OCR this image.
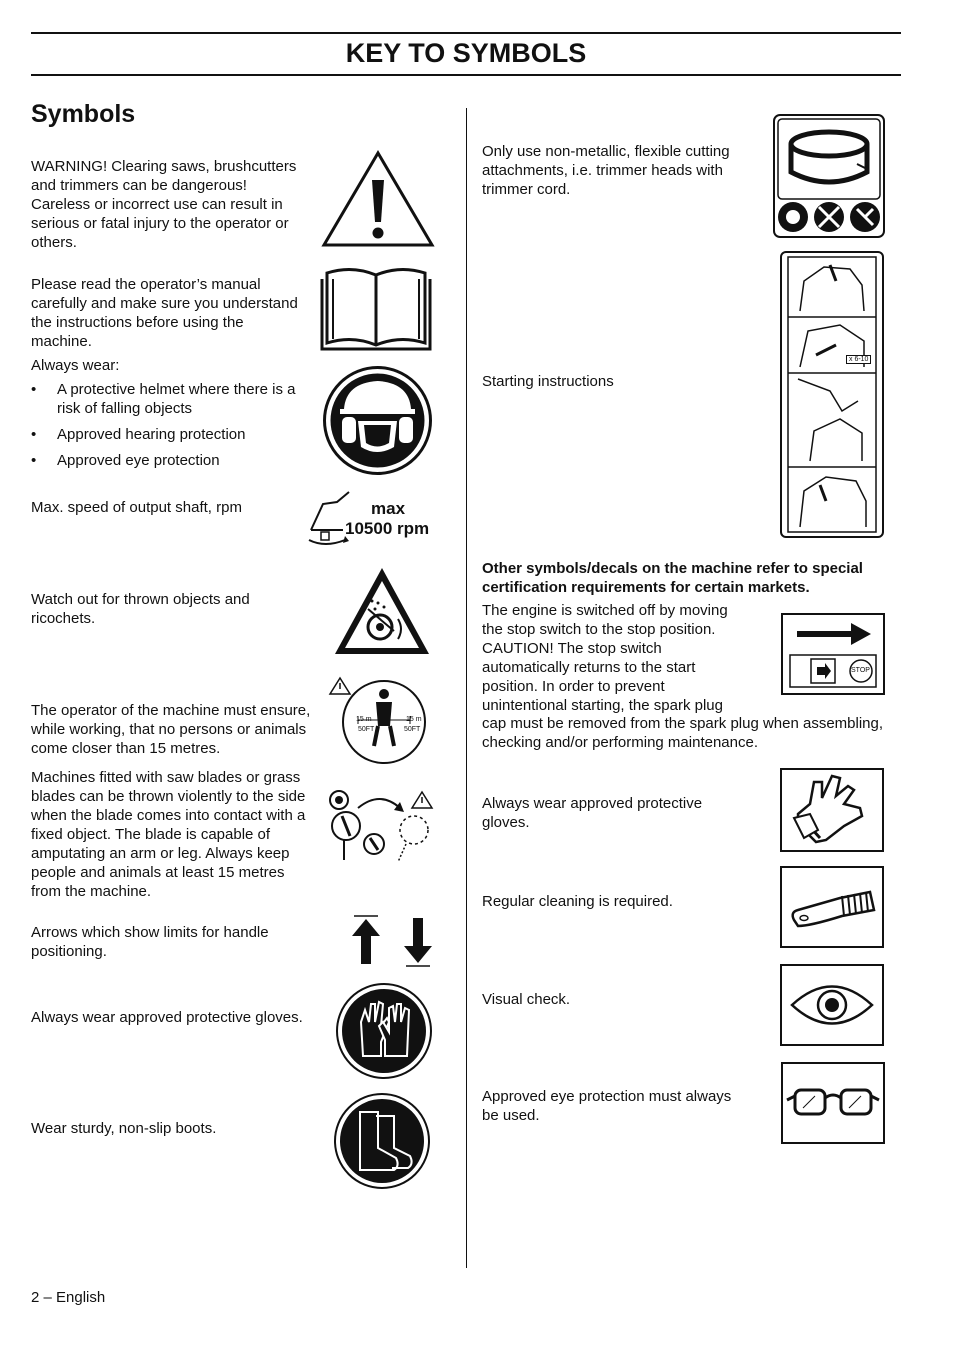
KEY TO SYMBOLS
Symbols
WARNING! Clearing saws, brushcutters and trimmers can be dangerous! Careless or incorrect use can result in serious or fatal injury to the operator or others.
Please read the operator’s manual carefully and make sure you understand the instructions before using the machine.
Always wear:
• A protective helmet where there is a risk of falling objects
• Approved hearing protection
• Approved eye protection
Max. speed of output shaft, rpm	max
10500 rpm
Watch out for thrown objects and ricochets.
The operator of the machine must ensure, while working, that no persons or animals come closer than 15 metres.
15 m
50FT
15 m
50FT
Machines fitted with saw blades or grass blades can be thrown violently to the side when the blade comes into contact with a fixed object. The blade is capable of amputating an arm or leg. Always keep people and animals at least 15 metres from the machine.
Arrows which show limits for handle positioning.
Always wear approved protective gloves.
Wear sturdy, non-slip boots.
Only use non-metallic, flexible cutting attachments, i.e. trimmer heads with trimmer cord.
Starting instructions
x 6-10
Other symbols/decals on the machine refer to special certification requirements for certain markets.
The engine is switched off by moving the stop switch to the stop position. CAUTION! The stop switch automatically returns to the start position. In order to prevent unintentional starting, the spark plug
cap must be removed from the spark plug when assembling, checking and/or performing maintenance.
STOP
Always wear approved protective gloves.
Regular cleaning is required.
Visual check.
Approved eye protection must always be used.
2 – English
